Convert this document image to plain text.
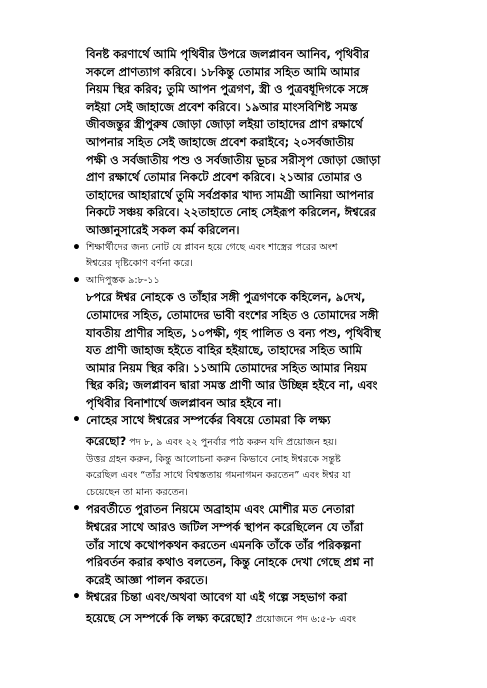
বিনষ্ট করণার্থে আমি পৃথিবীর উপরে জলপ্লাবন আনিব, পৃথিবীর
সকলে প্রাণত্যাগ করিবে। ১৮কিন্তু তোমার সহিত আমি আমার
নিয়ম স্থির করিব; তুমি আপন পুত্রগণ, স্ত্রী ও পুত্রবধূদিগকে সঙ্গে
লইয়া সেই জাহাজে প্রবেশ করিবে। ১৯আর মাংসবিশিষ্ট সমস্ত
জীবজন্তুর স্ত্রীপুরুষ জোড়া জোড়া লইয়া তাহাদের প্রাণ রক্ষার্থে
আপনার সহিত সেই জাহাজে প্রবেশ করাইবে; ২০সর্বজাতীয়
পক্ষী ও সর্বজাতীয় পশু ও সর্বজাতীয় ভূচর সরীসৃপ জোড়া জোড়া
প্রাণ রক্ষার্থে তোমার নিকটে প্রবেশ করিবে। ২১আর তোমার ও
তাহাদের আহারার্থে তুমি সর্বপ্রকার খাদ্য সামগ্রী আনিয়া আপনার
নিকটে সঞ্চয় করিবে। ২২তাহাতে নোহ সেইরূপ করিলেন, ঈশ্বরের
আজ্ঞানুসারেই সকল কর্ম করিলেন।
• শিক্ষার্থীদের জন্য নোট যে প্লাবন হয়ে গেছে এবং শাস্ত্রের পরের অংশ
ঈশ্বরের দৃষ্টিকোণ বর্ণনা করে।
• আদিপুস্তক ৯:৮-১১
৮পরে ঈশ্বর নোহকে ও তাঁহার সঙ্গী পুত্রগণকে কহিলেন, ৯দেখ,
তোমাদের সহিত, তোমাদের ভাবী বংশের সহিত ও তোমাদের সঙ্গী
যাবতীয় প্রাণীর সহিত, ১০পক্ষী, গৃহ পালিত ও বন্য পশু, পৃথিবীস্থ
যত প্রাণী জাহাজ হইতে বাহির হইয়াছে, তাহাদের সহিত আমি
আমার নিয়ম স্থির করি। ১১আমি তোমাদের সহিত আমার নিয়ম
স্থির করি; জলপ্লাবন দ্বারা সমস্ত প্রাণী আর উচ্ছিন্ন হইবে না, এবং
পৃথিবীর বিনাশার্থে জলপ্লাবন আর হইবে না।
• নোহের সাথে ঈশ্বরের সম্পর্কের বিষয়ে তোমরা কি লক্ষ্য
করেছো? পদ ৮, ৯ এবং ২২ পুনর্বার পাঠ করুন যদি প্রয়োজন হয়।
উত্তর গ্রহন করুন, কিন্তু আলোচনা করুন কিভাবে নোহ ঈশ্বরকে সন্তুষ্ট
করেছিল এবং “তাঁর সাথে বিশ্বস্ততায় গমনাগমন করতেন” এবং ঈশ্বর যা
চেয়েছেন তা মান্য করতেন।
• পরবর্তীতে পুরাতন নিয়মে অব্রাহাম এবং মোশীর মত নেতারা
ঈশ্বরের সাথে আরও জটিল সম্পর্ক স্থাপন করেছিলেন যে তাঁরা
তাঁর সাথে কথোপকথন করতেন এমনকি তাঁকে তাঁর পরিকল্পনা
পরিবর্তন করার কথাও বলতেন, কিন্তু নোহকে দেখা গেছে প্রশ্ন না
করেই আজ্ঞা পালন করতে।
• ঈশ্বরের চিন্তা এবং/অথবা আবেগ যা এই গল্পে সহভাগ করা
হয়েছে সে সম্পর্কে কি লক্ষ্য করেছো? প্রয়োজনে পদ ৬:৫-৮ এবং
